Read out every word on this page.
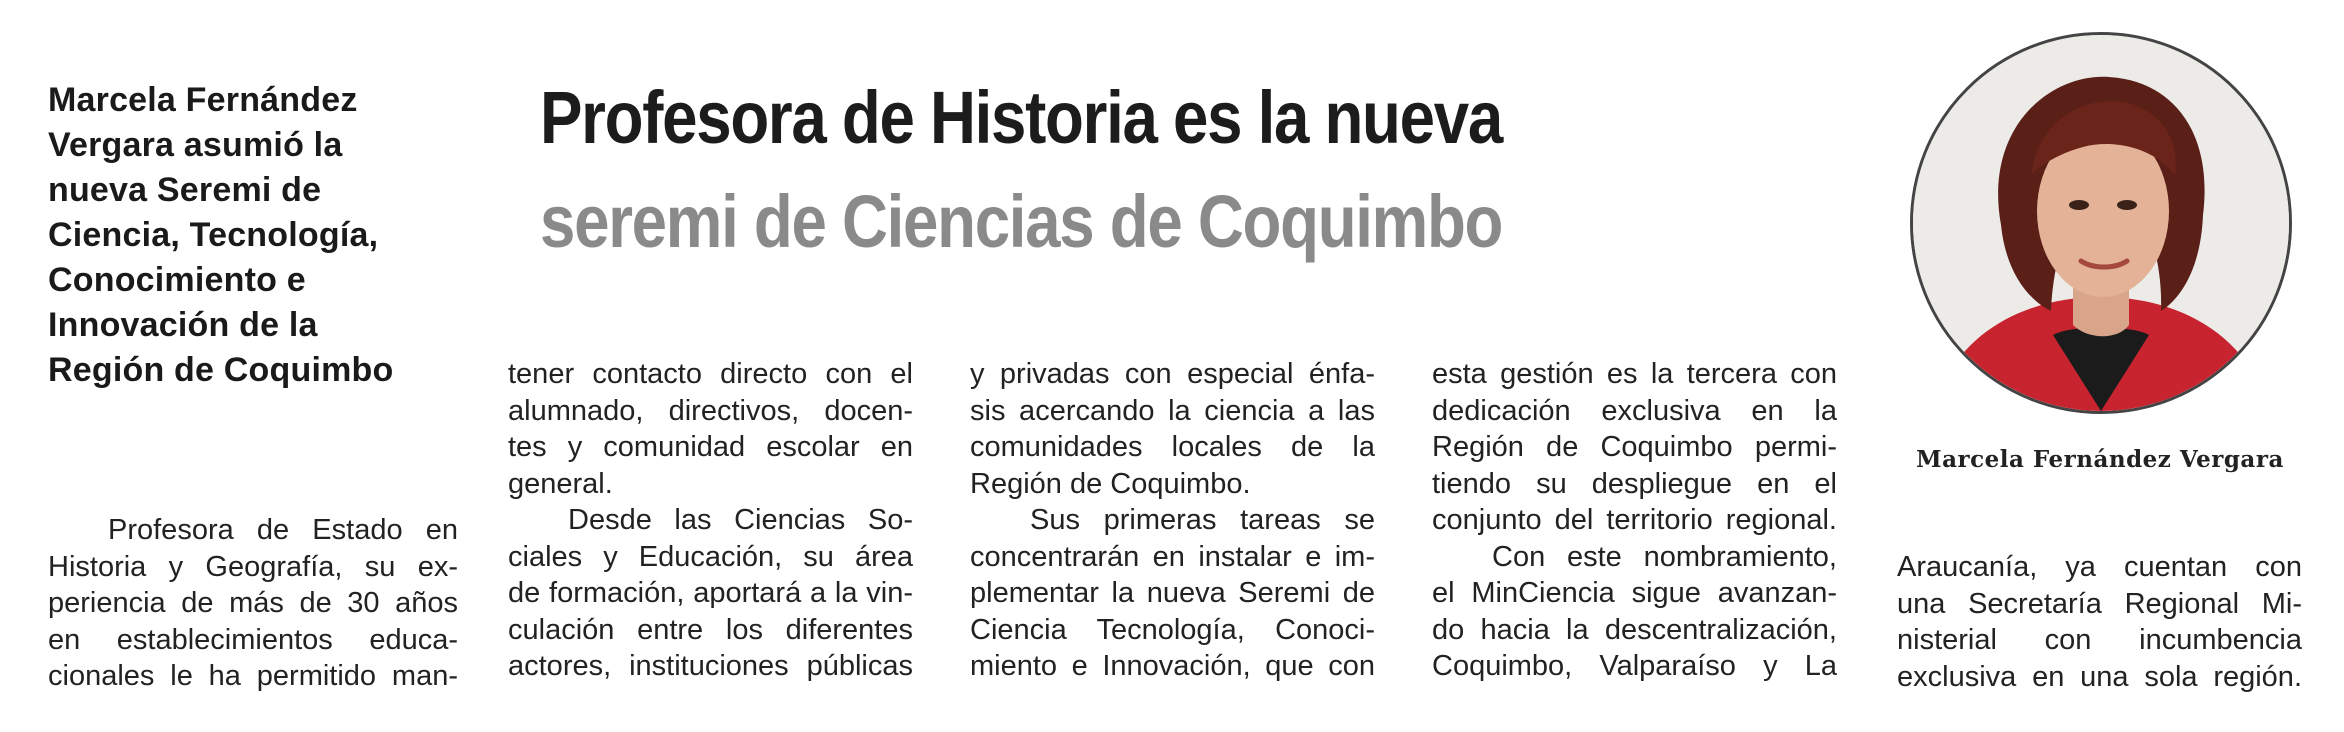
Marcela Fernández
Vergara asumió la
nueva Seremi de
Ciencia, Tecnología,
Conocimiento e
Innovación de la
Región de Coquimbo
Profesora de Historia es la nueva
seremi de Ciencias de Coquimbo
Profesora de Estado en
Historia y Geografía, su ex-
periencia de más de 30 años
en establecimientos educa-
cionales le ha permitido man-
tener contacto directo con el
alumnado, directivos, docen-
tes y comunidad escolar en
general.
Desde las Ciencias So-
ciales y Educación, su área
de formación, aportará a la vin-
culación entre los diferentes
actores, instituciones públicas
y privadas con especial énfa-
sis acercando la ciencia a las
comunidades locales de la
Región de Coquimbo.
Sus primeras tareas se
concentrarán en instalar e im-
plementar la nueva Seremi de
Ciencia Tecnología, Conoci-
miento e Innovación, que con
esta gestión es la tercera con
dedicación exclusiva en la
Región de Coquimbo permi-
tiendo su despliegue en el
conjunto del territorio regional.
Con este nombramiento,
el MinCiencia sigue avanzan-
do hacia la descentralización,
Coquimbo, Valparaíso y La
Araucanía, ya cuentan con
una Secretaría Regional Mi-
nisterial con incumbencia
exclusiva en una sola región.
Marcela Fernández Vergara
